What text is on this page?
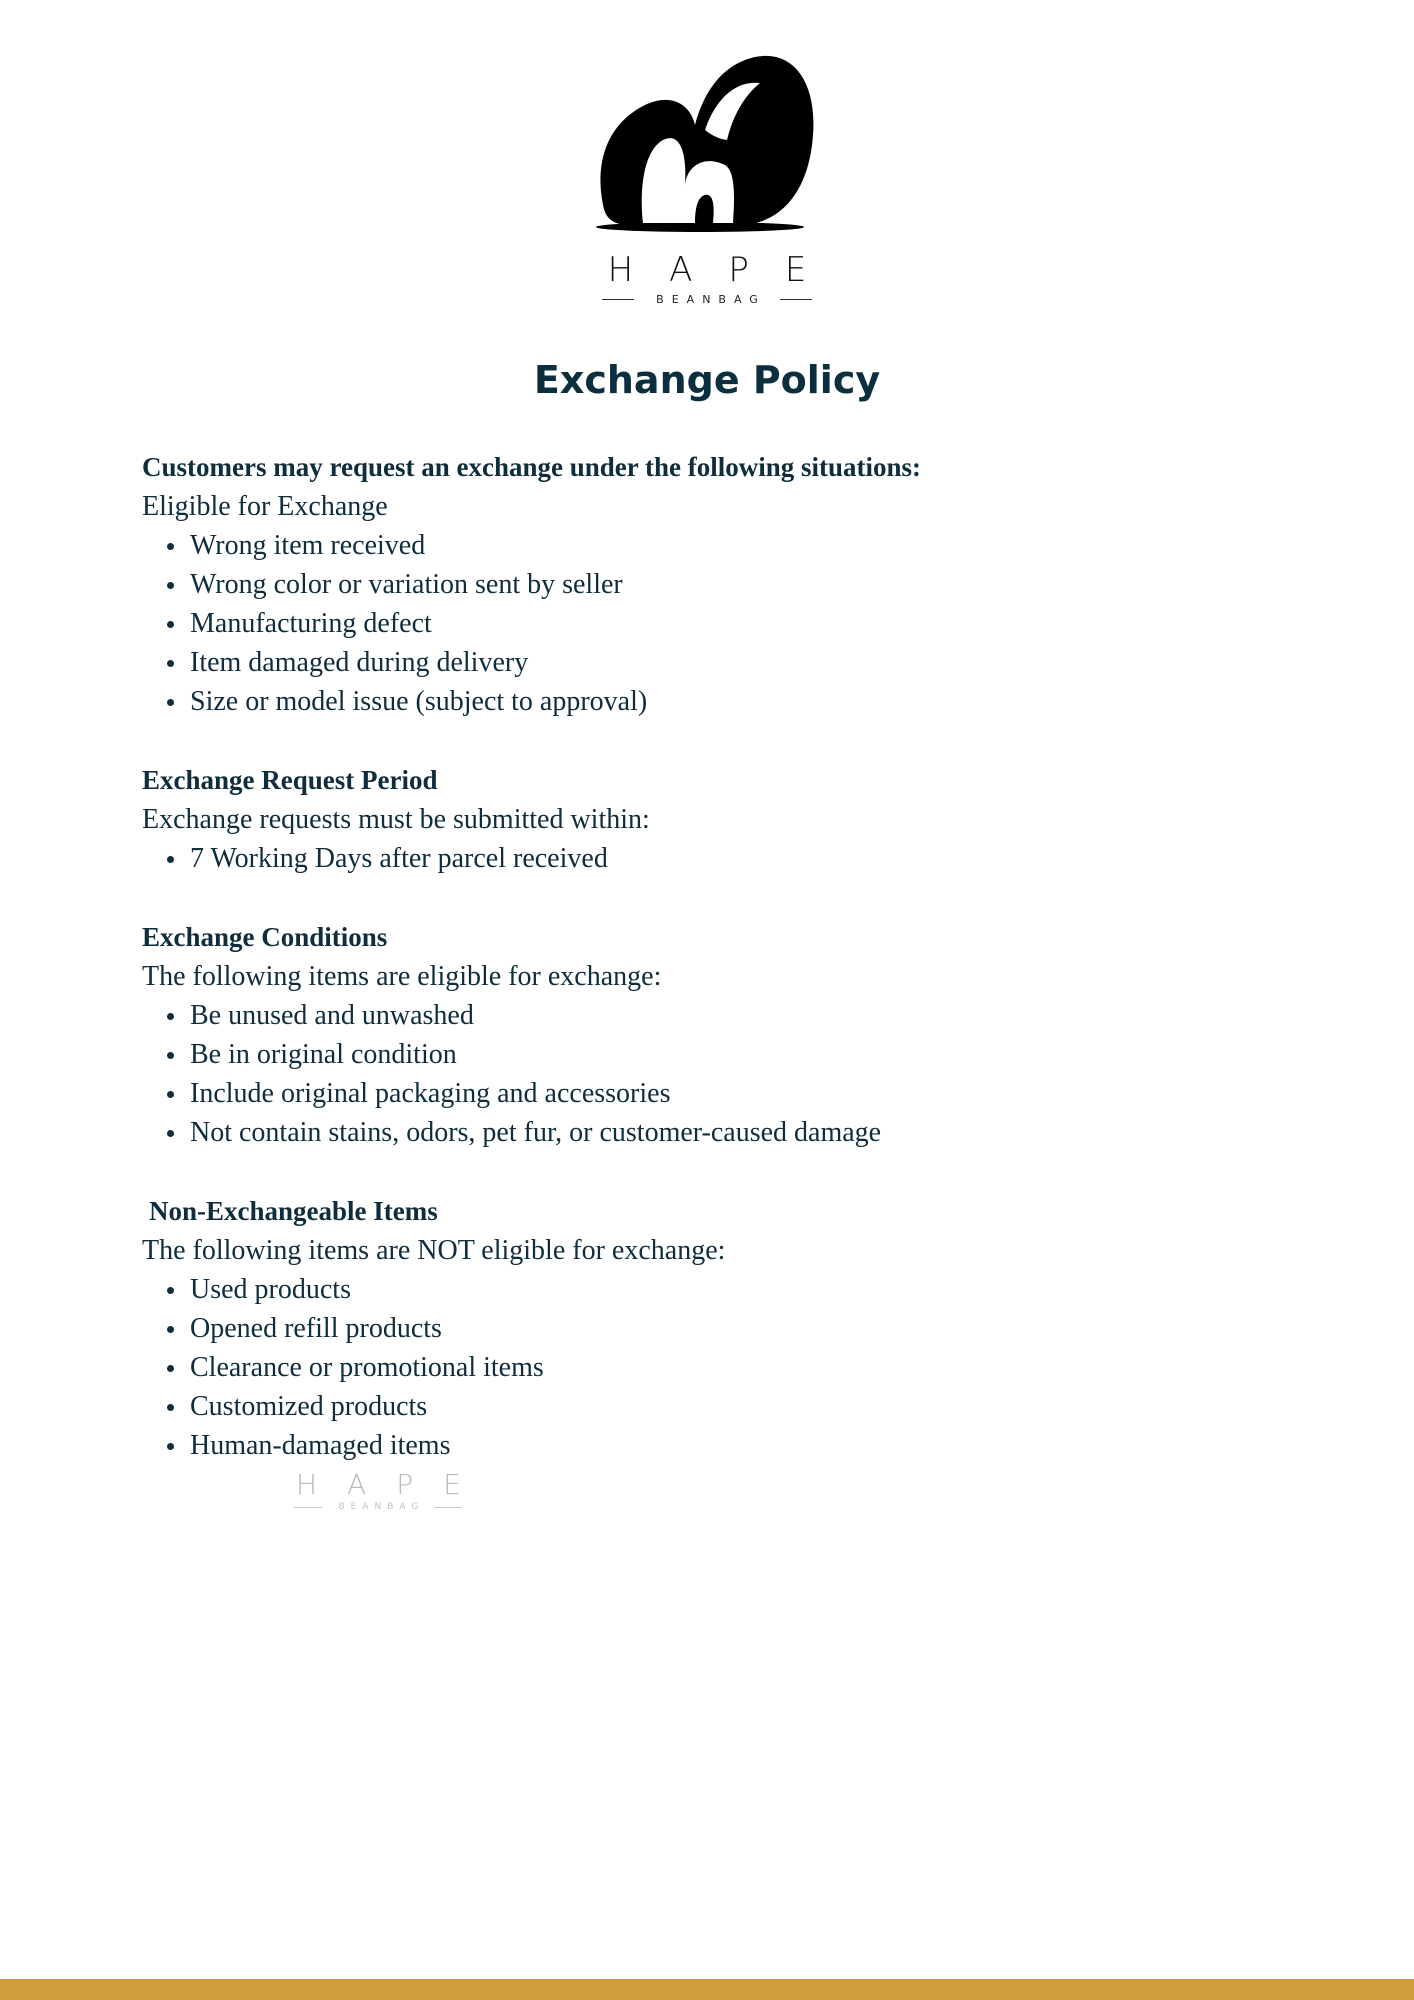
HAPE
BEANBAG
Exchange Policy

Customers may request an exchange under the following situations:

Eligible for Exchange

Wrong item received
Wrong color or variation sent by seller
Manufacturing defect
Item damaged during delivery
Size or model issue (subject to approval)

Exchange Request Period

Exchange requests must be submitted within:

7 Working Days after parcel received

Exchange Conditions

The following items are eligible for exchange:

Be unused and unwashed
Be in original condition
Include original packaging and accessories
Not contain stains, odors, pet fur, or customer-caused damage

Non-Exchangeable Items

The following items are NOT eligible for exchange:

Used products
Opened refill products
Clearance or promotional items
Customized products
Human-damaged items
HAPE
BEANBAG
